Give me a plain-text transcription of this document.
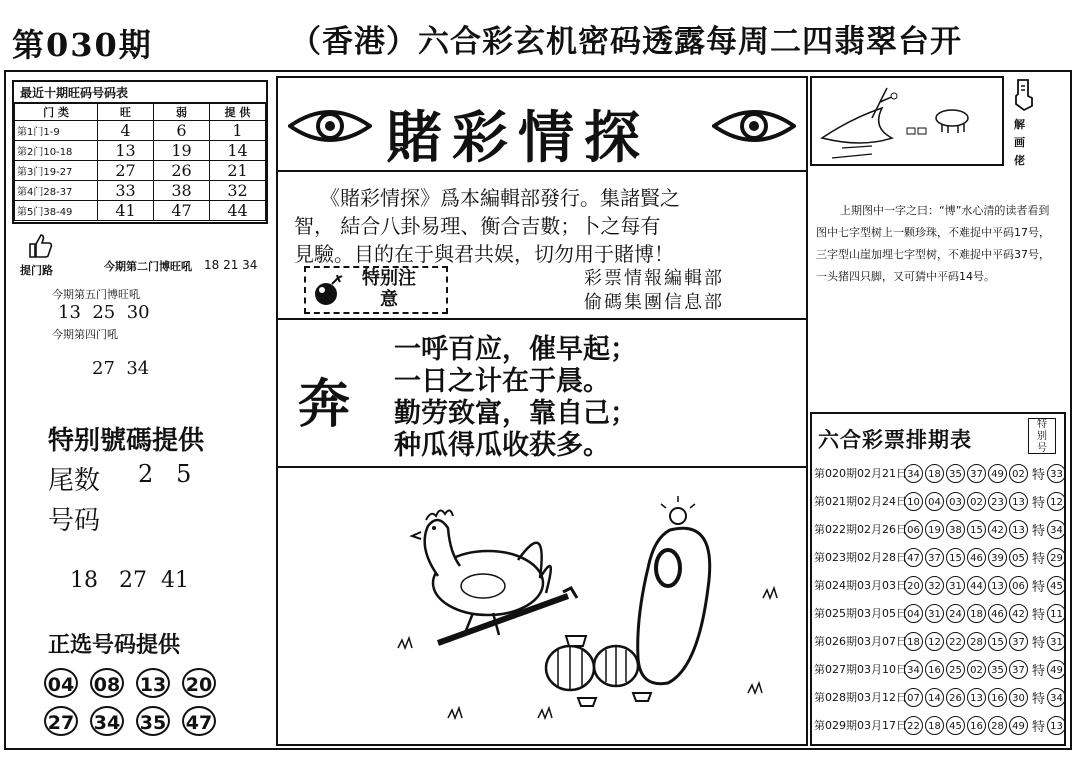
第030期	（香港）六合彩玄机密码透露每周二四翡翠台开
最近十期旺码号码表
门 类	旺	弱	提 供
第1门1-9	4	6	1
第2门10-18	13	19	14
第3门19-27	27	26	21
第4门28-37	33	38	32
第5门38-49	41	47	44
提门路	今期第二门博旺吼 18 21 34
今期第五门博旺吼
13  25  30
今期第四门吼
27  34
特别號碼提供
尾数 2   5
号码
18   27  41
正选号码提供
04 08 13 20
27 34 35 47
賭彩情探
《賭彩情探》爲本編輯部發行。集諸賢之
智， 結合八卦易理、衡合吉數；卜之每有
見驗。目的在于與君共娱，切勿用于賭博！
特别注意
彩票情報編輯部
偷碼集團信息部
奔
一呼百应，催早起；
一日之计在于晨。
勤劳致富，靠自己；
种瓜得瓜收获多。
解画佬
上期图中一字之曰：“博”水心清的读者看到图中七字型树上一颗珍珠，不难捉中平码17号，三字型山崖加埋七字型树，不难捉中平码37号，一头猪四只脚，又可猜中平码14号。
六合彩票排期表
特别号
第020期02月21日 34 18 35 37 49 02 特 33
第021期02月24日 10 04 03 02 23 13 特 12
第022期02月26日 06 19 38 15 42 13 特 34
第023期02月28日 47 37 15 46 39 05 特 29
第024期03月03日 20 32 31 44 13 06 特 45
第025期03月05日 04 31 24 18 46 42 特 11
第026期03月07日 18 12 22 28 15 37 特 31
第027期03月10日 34 16 25 02 35 37 特 49
第028期03月12日 07 14 26 13 16 30 特 34
第029期03月17日 22 18 45 16 28 49 特 13
